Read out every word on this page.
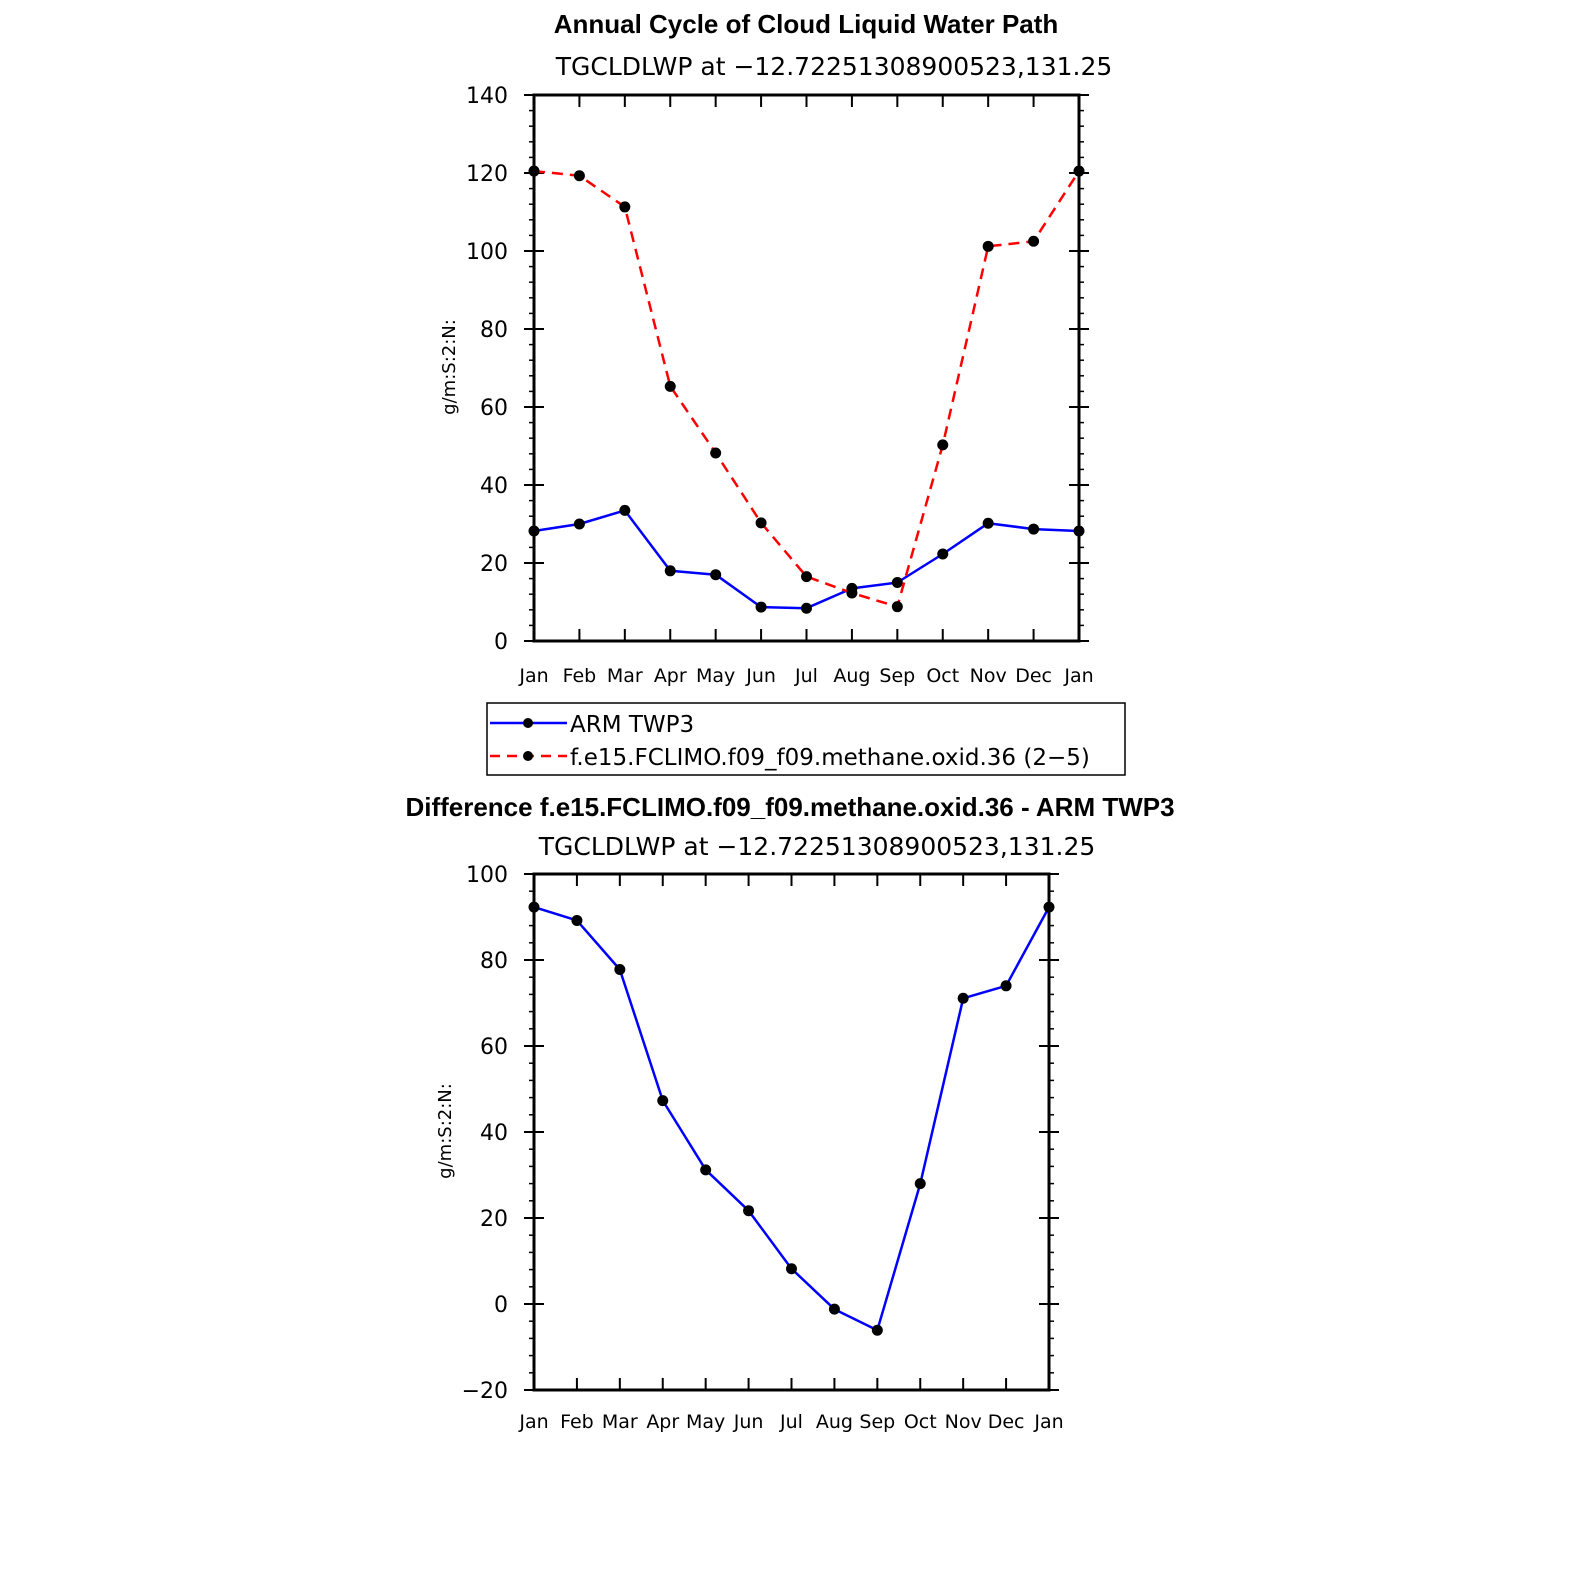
Annual Cycle of Cloud Liquid Water Path
TGCLDLWP at −12.72251308900523,131.25
g/m:S:2:N:
Jan Feb Mar Apr May Jun Jul Aug Sep Oct Nov Dec Jan
0
20
40
60
80
100
120
140
ARM TWP3
f.e15.FCLIMO.f09_f09.methane.oxid.36 (2−5)
Difference f.e15.FCLIMO.f09_f09.methane.oxid.36 - ARM TWP3
TGCLDLWP at −12.72251308900523,131.25
g/m:S:2:N:
Jan Feb Mar Apr May Jun Jul Aug Sep Oct Nov Dec Jan
−20
0
20
40
60
80
100
